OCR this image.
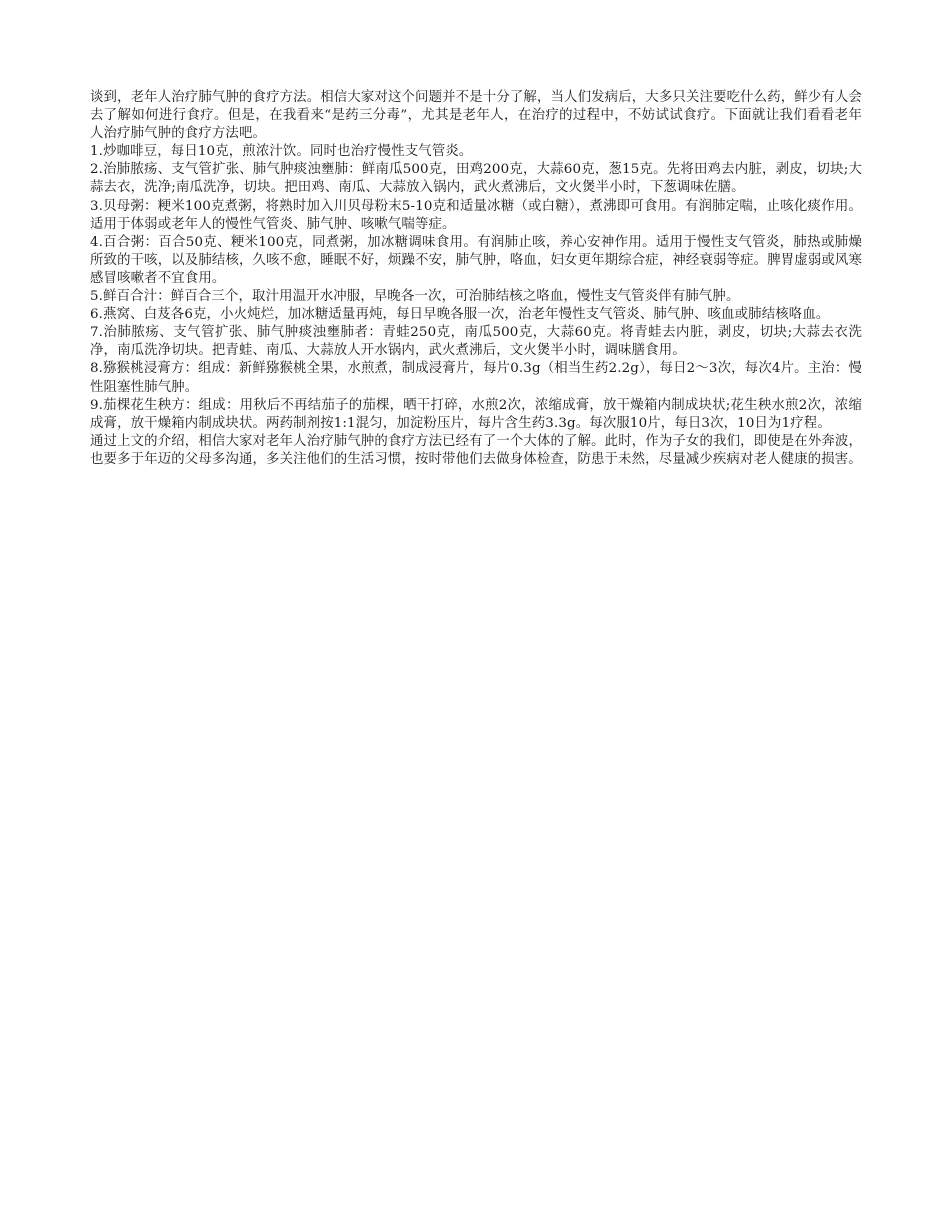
谈到，老年人治疗肺气肿的食疗方法。相信大家对这个问题并不是十分了解，当人们发病后，大多只关注要吃什么药，鲜少有人会去了解如何进行食疗。但是，在我看来“是药三分毒”，尤其是老年人，在治疗的过程中，不妨试试食疗。下面就让我们看看老年人治疗肺气肿的食疗方法吧。

1.炒咖啡豆，每日10克，煎浓汁饮。同时也治疗慢性支气管炎。

2.治肺脓疡、支气管扩张、肺气肿痰浊壅肺：鲜南瓜500克，田鸡200克，大蒜60克，葱15克。先将田鸡去内脏，剥皮，切块;大蒜去衣，洗净;南瓜洗净，切块。把田鸡、南瓜、大蒜放入锅内，武火煮沸后，文火煲半小时，下葱调味佐膳。

3.贝母粥：粳米100克煮粥，将熟时加入川贝母粉末5-10克和适量冰糖（或白糖），煮沸即可食用。有润肺定喘，止咳化痰作用。适用于体弱或老年人的慢性气管炎、肺气肿、咳嗽气喘等症。

4.百合粥：百合50克、粳米100克，同煮粥，加冰糖调味食用。有润肺止咳，养心安神作用。适用于慢性支气管炎，肺热或肺燥所致的干咳，以及肺结核，久咳不愈，睡眠不好，烦躁不安，肺气肿，咯血，妇女更年期综合症，神经衰弱等症。脾胃虚弱或风寒感冒咳嗽者不宜食用。

5.鲜百合汁：鲜百合三个，取汁用温开水冲服，早晚各一次，可治肺结核之咯血，慢性支气管炎伴有肺气肿。

6.燕窝、白芨各6克，小火炖烂，加冰糖适量再炖，每日早晚各服一次，治老年慢性支气管炎、肺气肿、咳血或肺结核咯血。

7.治肺脓疡、支气管扩张、肺气肿痰浊壅肺者：青蛙250克，南瓜500克，大蒜60克。将青蛙去内脏，剥皮，切块;大蒜去衣洗净，南瓜洗净切块。把青蛙、南瓜、大蒜放人开水锅内，武火煮沸后，文火煲半小时，调味膳食用。

8.猕猴桃浸膏方：组成：新鲜猕猴桃全果，水煎煮，制成浸膏片，每片0.3g（相当生药2.2g），每日2～3次，每次4片。主治：慢性阻塞性肺气肿。

9.茄棵花生秧方：组成：用秋后不再结茄子的茄棵，晒干打碎，水煎2次，浓缩成膏，放干燥箱内制成块状;花生秧水煎2次，浓缩成膏，放干燥箱内制成块状。两药制剂按1:1混匀，加淀粉压片，每片含生药3.3g。每次服10片，每日3次，10日为1疗程。

通过上文的介绍，相信大家对老年人治疗肺气肿的食疗方法已经有了一个大体的了解。此时，作为子女的我们，即使是在外奔波，也要多于年迈的父母多沟通，多关注他们的生活习惯，按时带他们去做身体检查，防患于未然，尽量减少疾病对老人健康的损害。
